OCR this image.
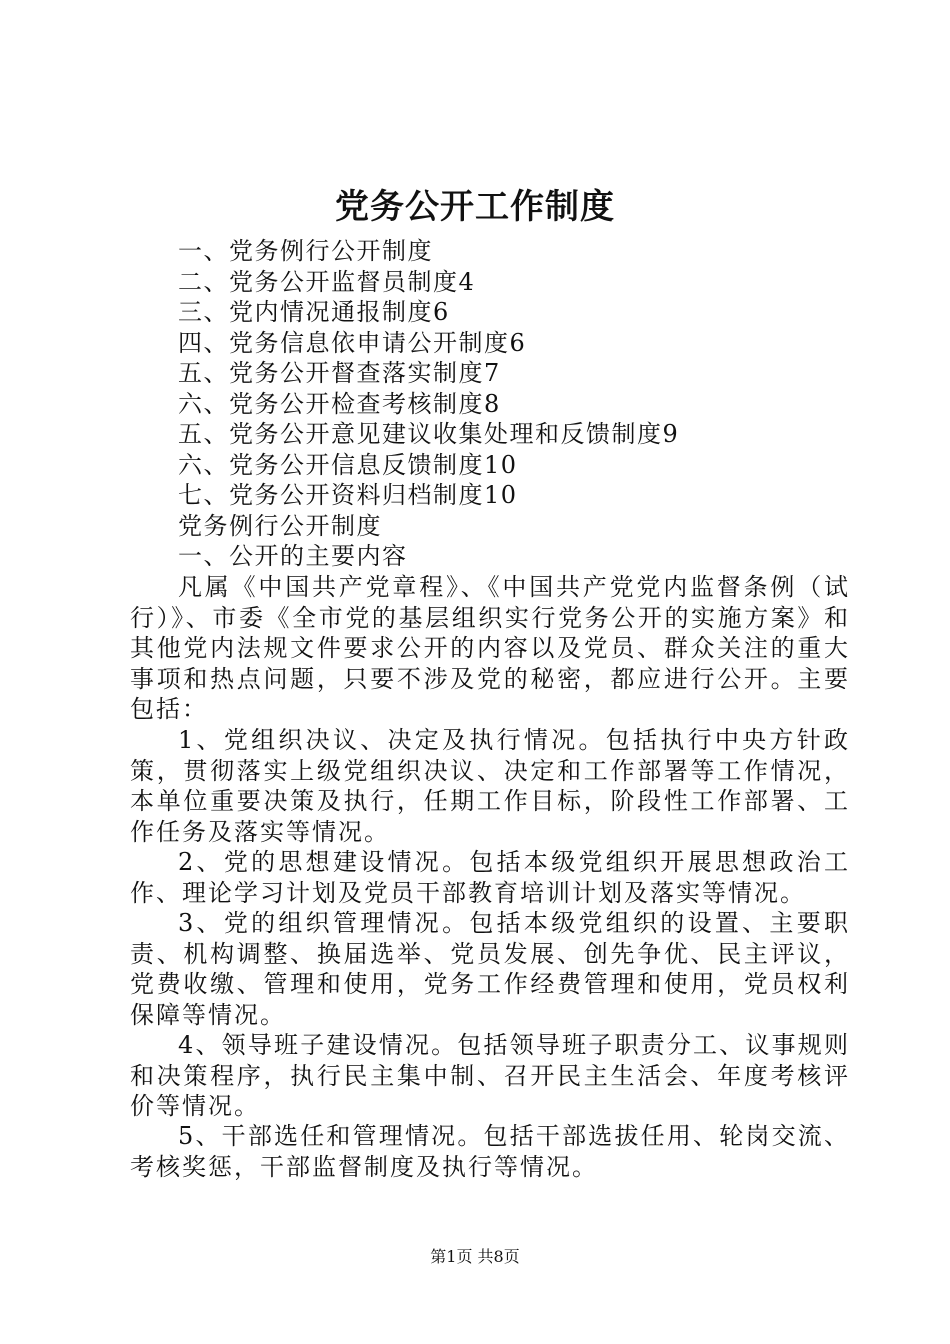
党务公开工作制度
一、党务例行公开制度
二、党务公开监督员制度4
三、党内情况通报制度6
四、党务信息依申请公开制度6
五、党务公开督查落实制度7
六、党务公开检查考核制度8
五、党务公开意见建议收集处理和反馈制度9
六、党务公开信息反馈制度10
七、党务公开资料归档制度10
党务例行公开制度
一、公开的主要内容

凡属《中国共产党章程》、《中国共产党党内监督条例（试行）》、市委《全市党的基层组织实行党务公开的实施方案》和其他党内法规文件要求公开的内容以及党员、群众关注的重大事项和热点问题，只要不涉及党的秘密，都应进行公开。主要包括：

1、党组织决议、决定及执行情况。包括执行中央方针政策，贯彻落实上级党组织决议、决定和工作部署等工作情况，本单位重要决策及执行，任期工作目标，阶段性工作部署、工作任务及落实等情况。

2、党的思想建设情况。包括本级党组织开展思想政治工作、理论学习计划及党员干部教育培训计划及落实等情况。

3、党的组织管理情况。包括本级党组织的设置、主要职责、机构调整、换届选举、党员发展、创先争优、民主评议，党费收缴、管理和使用，党务工作经费管理和使用，党员权利保障等情况。

4、领导班子建设情况。包括领导班子职责分工、议事规则和决策程序，执行民主集中制、召开民主生活会、年度考核评价等情况。

5、干部选任和管理情况。包括干部选拔任用、轮岗交流、考核奖惩，干部监督制度及执行等情况。

第1页 共8页
